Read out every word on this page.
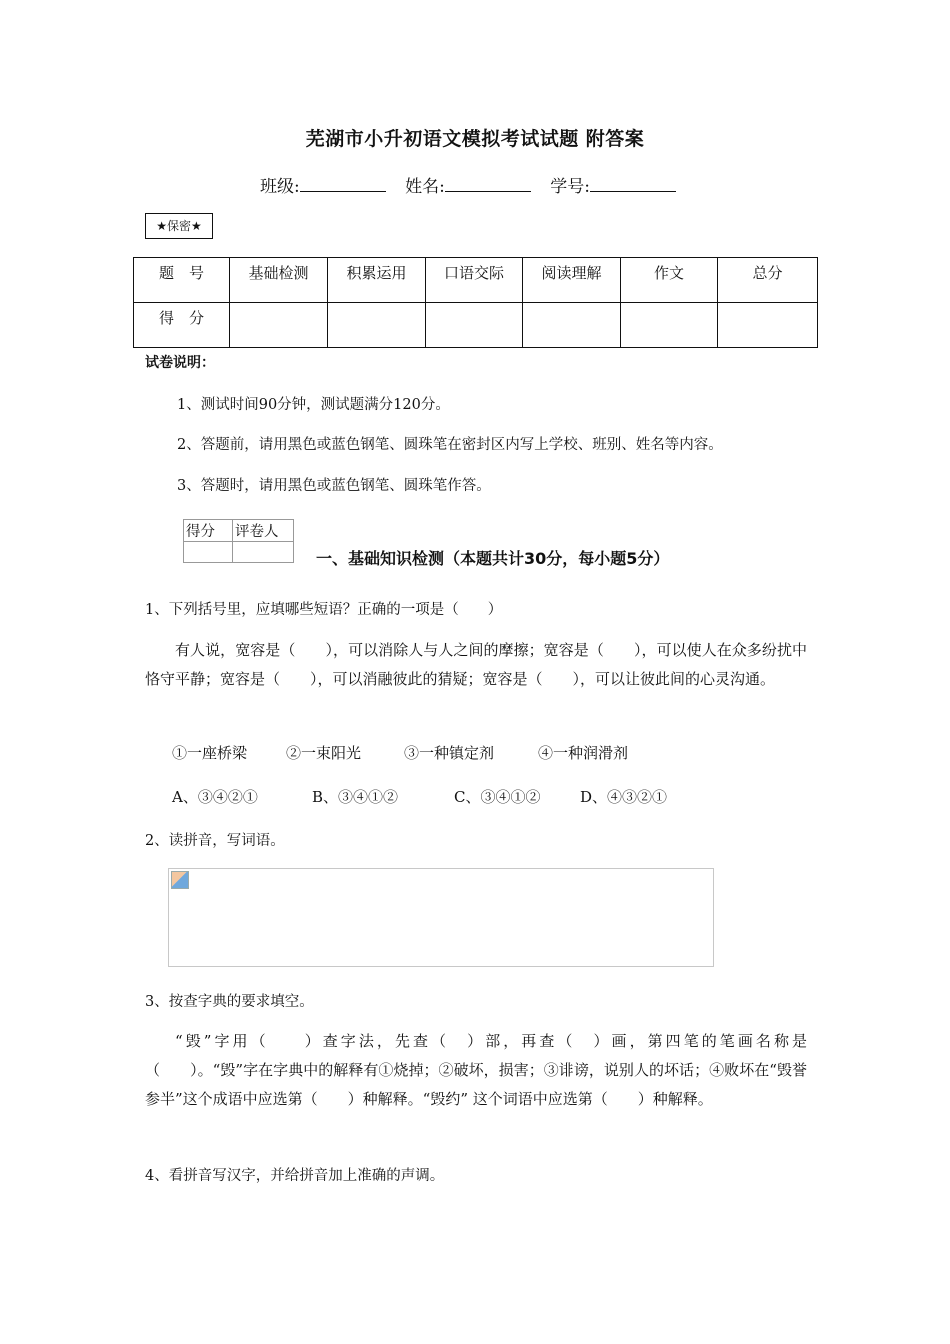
芜湖市小升初语文模拟考试试题 附答案
班级:	姓名:	学号:
★保密★
题　号	基础检测	积累运用	口语交际	阅读理解	作文	总分
得　分						
试卷说明：
1、测试时间90分钟，测试题满分120分。
2、答题前，请用黑色或蓝色钢笔、圆珠笔在密封区内写上学校、班别、姓名等内容。
3、答题时，请用黑色或蓝色钢笔、圆珠笔作答。
得分	评卷人

一、基础知识检测（本题共计30分，每小题5分）
1、下列括号里，应填哪些短语？正确的一项是（　　）
有人说，宽容是（　　），可以消除人与人之间的摩擦；宽容是（　　），可以使人在众多纷扰中恪守平静；宽容是（　　），可以消融彼此的猜疑；宽容是（　　），可以让彼此间的心灵沟通。
①一座桥梁	②一束阳光	③一种镇定剂	④一种润滑剂
A、③④②①	B、③④①②	C、③④①②	D、④③②①
2、读拼音，写词语。
3、按查字典的要求填空。
“毁”字用（　　）查字法，先查（　）部，再查（　）画，第四笔的笔画名称是（　　）。“毁”字在字典中的解释有①烧掉；②破坏，损害；③诽谤，说别人的坏话；④败坏在“毁誉参半”这个成语中应选第（　　）种解释。“毁约” 这个词语中应选第（　　）种解释。
4、看拼音写汉字，并给拼音加上准确的声调。
